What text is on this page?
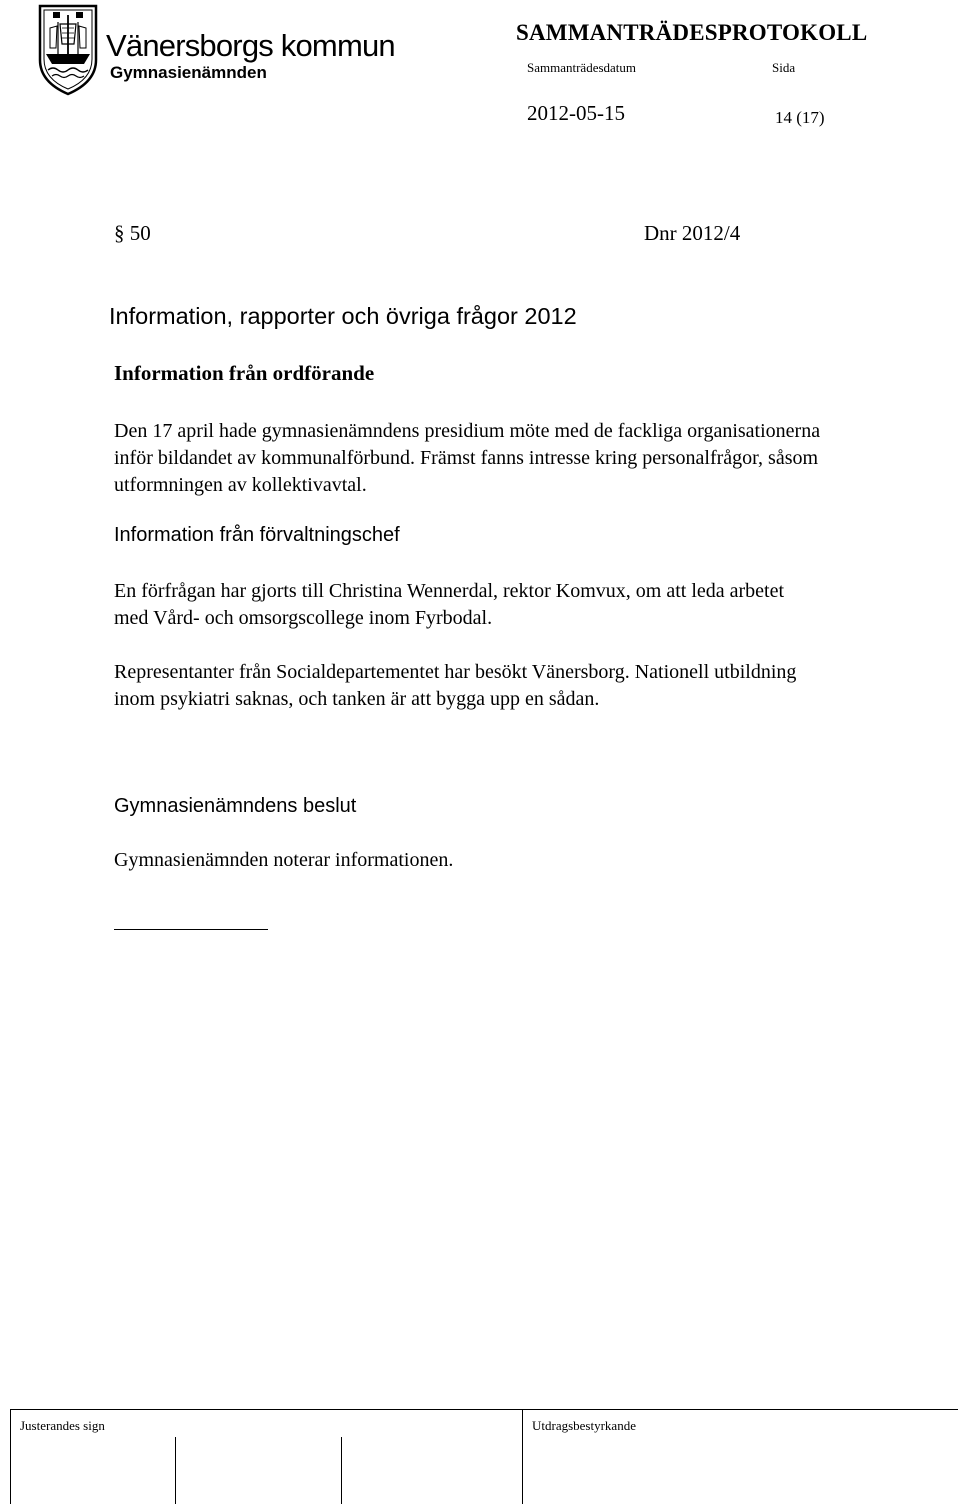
Vänersborgs kommun
Gymnasienämnden
SAMMANTRÄDESPROTOKOLL
Sammanträdesdatum	Sida
2012-05-15	14 (17)
§ 50	Dnr 2012/4
Information, rapporter och övriga frågor 2012
Information från ordförande
Den 17 april hade gymnasienämndens presidium möte med de fackliga organisationerna
inför bildandet av kommunalförbund. Främst fanns intresse kring personalfrågor, såsom
utformningen av kollektivavtal.
Information från förvaltningschef
En förfrågan har gjorts till Christina Wennerdal, rektor Komvux, om att leda arbetet
med Vård- och omsorgscollege inom Fyrbodal.
Representanter från Socialdepartementet har besökt Vänersborg. Nationell utbildning
inom psykiatri saknas, och tanken är att bygga upp en sådan.
Gymnasienämndens beslut
Gymnasienämnden noterar informationen.
Justerandes sign	Utdragsbestyrkande
